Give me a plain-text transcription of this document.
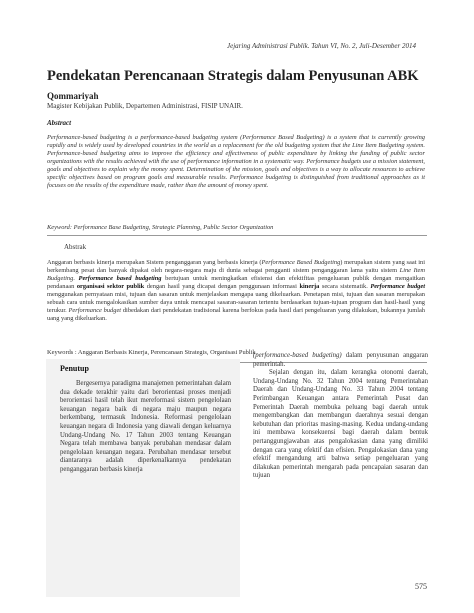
Jejaring Administrasi Publik. Tahun VI, No. 2, Juli-Desember 2014
Pendekatan Perencanaan Strategis dalam Penyusunan ABK
Qommariyah
Magister Kebijakan Publik, Departemen Administrasi, FISIP UNAIR.
Abstract

Performance-based budgeting is a performance-based budgeting system (Performance Based Budgeting) is a system that is currently growing rapidly and is widely used by developed countries in the world as a replacement for the old budgeting system that the Line Item Budgeting system. Performance-based budgeting aims to improve the efficiency and effectiveness of public expenditure by linking the funding of public sector organizations with the results achieved with the use of performance information in a systematic way. Performance budgets use a mission statement, goals and objectives to explain why the money spent. Determination of the mission, goals and objectives is a way to allocate resources to achieve specific objectives based on program goals and measurable results. Performance budgeting is distinguished from traditional approaches as it focuses on the results of the expenditure made, rather than the amount of money spent.

Keyword: Performance Base Budgeting, Strategic Planning, Public Sector Organization
Abstrak

Anggaran berbasis kinerja merupakan Sistem penganggaran yang berbasis kinerja (Performance Based Budgeting) merupakan sistem yang saat ini berkembang pesat dan banyak dipakai oleh negara-negara maju di dunia sebagai pengganti sistem penganggaran lama yaitu sistem Line Item Budgeting. Performance based budgeting bertujuan untuk meningkatkan efisiensi dan efektifitas pengeluaran publik dengan mengaitkan pendanaan organisasi sektor publik dengan hasil yang dicapai dengan penggunaan informasi kinerja secara sistematik. Performance budget menggunakan pernyataan misi, tujuan dan sasaran untuk menjelaskan mengapa uang dikeluarkan. Penetapan misi, tujuan dan sasaran merupakan sebuah cara untuk mengalokasikan sumber daya untuk mencapai sasaran-sasaran tertentu berdasarkan tujuan-tujuan program dan hasil-hasil yang terukur. Performance budget dibedakan dari pendekatan tradisional karena berfokus pada hasil dari pengeluaran yang dilakukan, bukannya jumlah uang yang dikeluarkan.

Keywords : Anggaran Berbasis Kinerja, Perencanaan Strategis, Organisasi Publik
Penutup

Bergesernya paradigma manajemen pemerintahan dalam dua dekade terakhir yaitu dari berorientasi proses menjadi berorientasi hasil telah ikut mereformasi sistem pengelolaan keuangan negara baik di negara maju maupun negara berkembang, termasuk Indonesia. Reformasi pengelolaan keuangan negara di Indonesia yang diawali dengan keluarnya Undang-Undang No. 17 Tahun 2003 tentang Keuangan Negara telah membawa banyak perubahan mendasar dalam pengelolaan keuangan negara. Perubahan mendasar tersebut diantaranya adalah diperkenalkannya pendekatan penganggaran berbasis kinerja

(performance-based budgeting) dalam penyusunan anggaran pemerintah.

Sejalan dengan itu, dalam kerangka otonomi daerah, Undang-Undang No. 32 Tahun 2004 tentang Pemerintahan Daerah dan Undang-Undang No. 33 Tahun 2004 tentang Perimbangan Keuangan antara Pemerintah Pusat dan Pemerintah Daerah membuka peluang bagi daerah untuk mengembangkan dan membangun daerahnya sesuai dengan kebutuhan dan prioritas masing-masing. Kedua undang-undang ini membawa konsekuensi bagi daerah dalam bentuk pertanggungjawaban atas pengalokasian dana yang dimiliki dengan cara yang efektif dan efisien. Pengalokasian dana yang efektif mengandung arti bahwa setiap pengeluaran yang dilakukan pemerintah mengarah pada pencapaian sasaran dan tujuan

575
